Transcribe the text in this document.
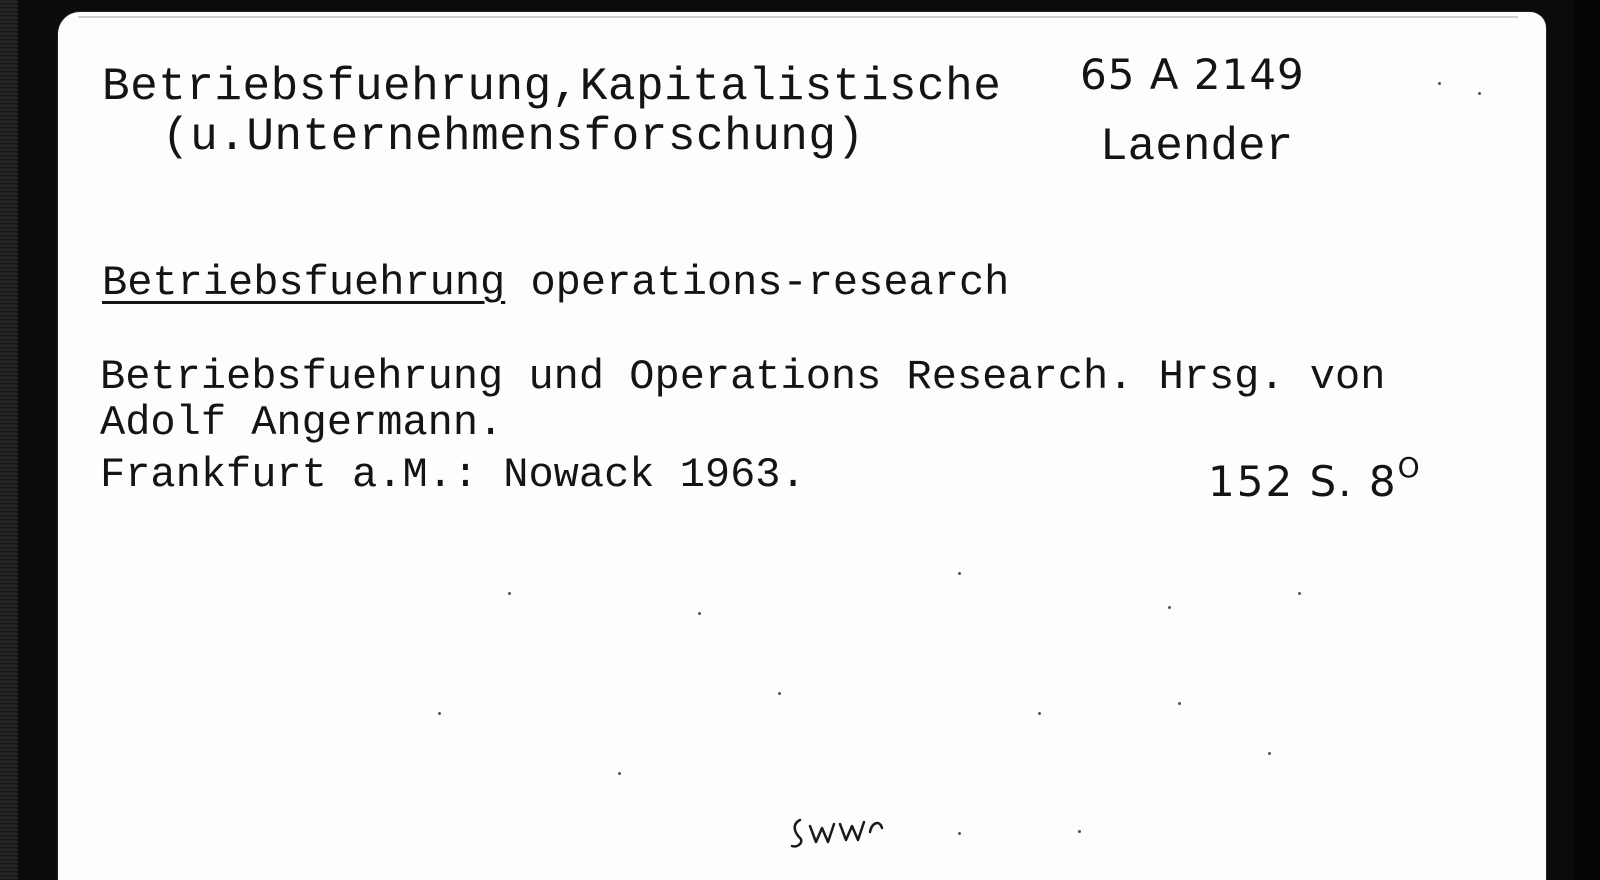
Betriebsfuehrung,Kapitalistische
(u.Unternehmensforschung)
65 A 2149
Laender
Betriebsfuehrung operations-research
Betriebsfuehrung und Operations Research. Hrsg. von
Adolf Angermann.
Frankfurt a.M.: Nowack 1963.	152 S. $8^O$
